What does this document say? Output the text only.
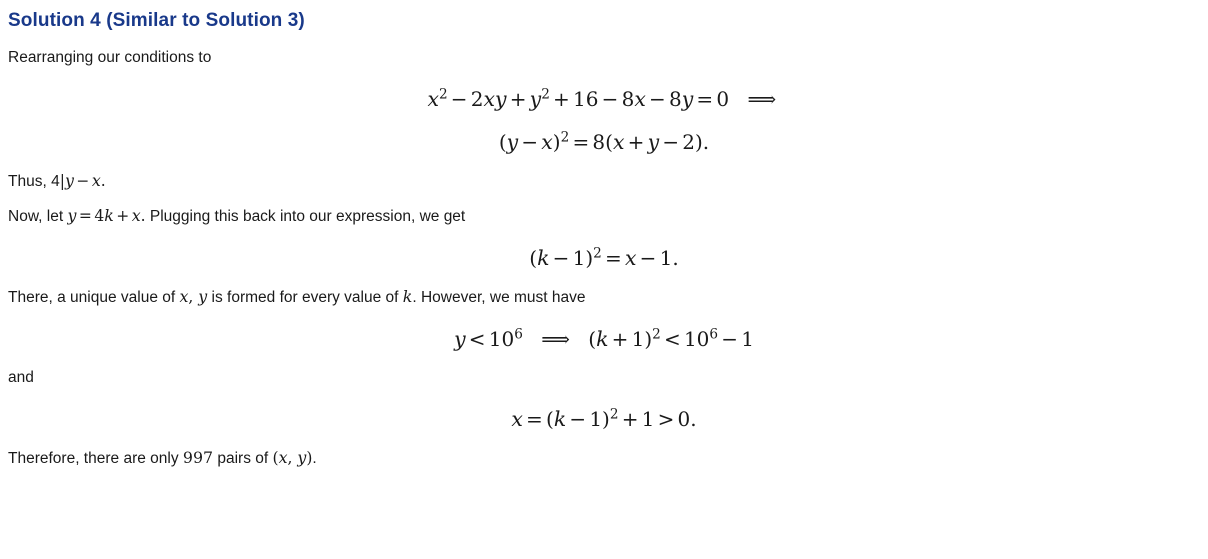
Solution 4 (Similar to Solution 3)
Rearranging our conditions to
$x^2 - 2xy + y^2 + 16 - 8x - 8y = 0$ ⟹
$(y - x)^2 = 8(x + y - 2)$.
Thus, 4|y − x.
Now, let y = 4k + x. Plugging this back into our expression, we get
$(k - 1)^2 = x - 1$.
There, a unique value of x, y is formed for every value of k. However, we must have
$y < 10^6$ ⟹ $(k + 1)^2 < 10^6 - 1$
and
$x = (k - 1)^2 + 1 > 0$.
Therefore, there are only 997 pairs of (x, y).
